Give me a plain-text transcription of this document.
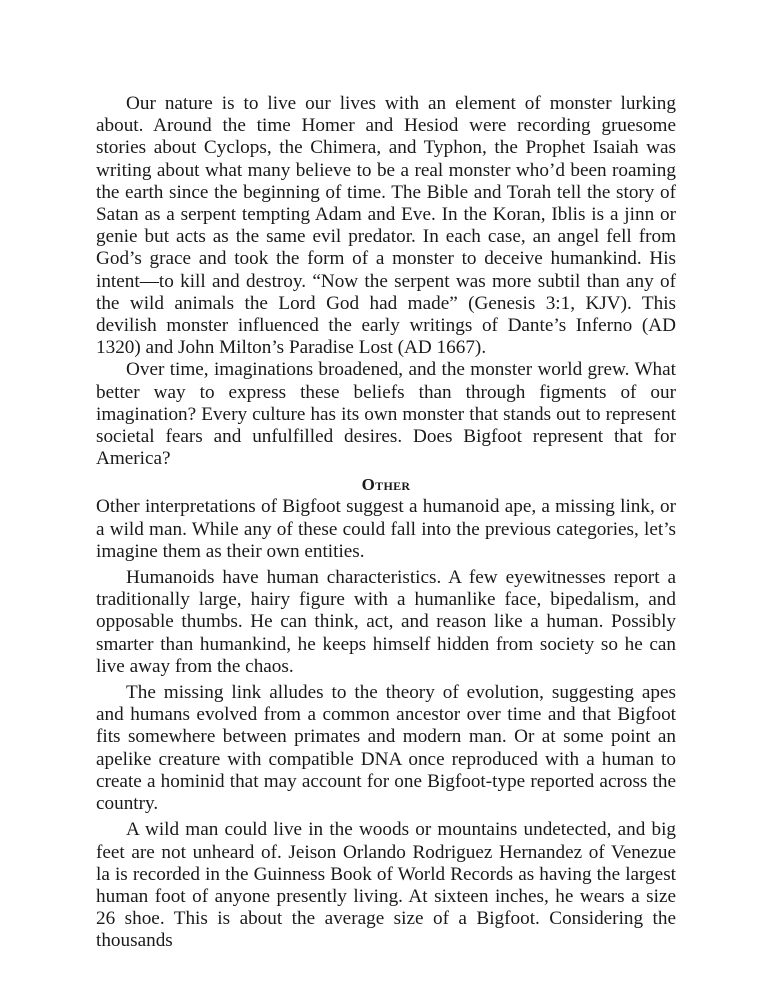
Our nature is to live our lives with an element of monster lurking about. Around the time Homer and Hesiod were recording gruesome stories about Cyclops, the Chimera, and Typhon, the Prophet Isaiah was writing about what many believe to be a real monster who’d been roaming the earth since the beginning of time. The Bible and Torah tell the story of Satan as a serpent tempting Adam and Eve. In the Koran, Iblis is a jinn or genie but acts as the same evil predator. In each case, an angel fell from God’s grace and took the form of a monster to deceive humankind. His intent—to kill and destroy. “Now the serpent was more subtil than any of the wild animals the Lord God had made” (Genesis 3:1, KJV). This devilish monster influenced the early writings of Dante’s Inferno (AD 1320) and John Milton’s Paradise Lost (AD 1667).

Over time, imaginations broadened, and the monster world grew. What better way to express these beliefs than through figments of our imagination? Every culture has its own monster that stands out to represent societal fears and unfulfilled desires. Does Bigfoot represent that for America?

Other

Other interpretations of Bigfoot suggest a humanoid ape, a missing link, or a wild man. While any of these could fall into the previous categories, let’s imagine them as their own entities.

Humanoids have human characteristics. A few eyewitnesses report a traditionally large, hairy figure with a humanlike face, bipedalism, and opposable thumbs. He can think, act, and reason like a human. Possibly smarter than humankind, he keeps himself hidden from society so he can live away from the chaos.

The missing link alludes to the theory of evolution, suggesting apes and humans evolved from a common ancestor over time and that Bigfoot fits somewhere between primates and modern man. Or at some point an apelike creature with compatible DNA once reproduced with a human to create a hominid that may account for one Bigfoot-type reported across the country.

A wild man could live in the woods or mountains undetected, and big feet are not unheard of. Jeison Orlando Rodriguez Hernandez of Venezue la is recorded in the Guinness Book of World Records as having the largest human foot of anyone presently living. At sixteen inches, he wears a size 26 shoe. This is about the average size of a Bigfoot. Considering the thousands
